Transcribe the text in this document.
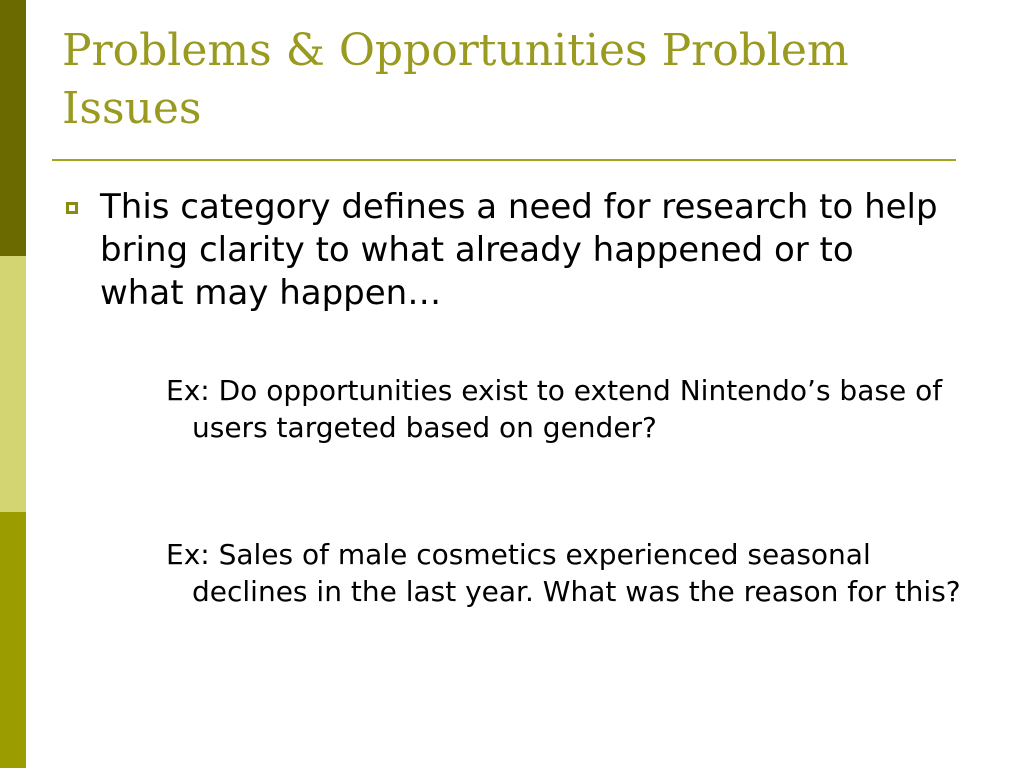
Problems & Opportunities Problem Issues

This category defines a need for research to help bring clarity to what already happened or to what may happen…

Ex: Do opportunities exist to extend Nintendo’s base of users targeted based on gender?

Ex: Sales of male cosmetics experienced seasonal declines in the last year. What was the reason for this?
